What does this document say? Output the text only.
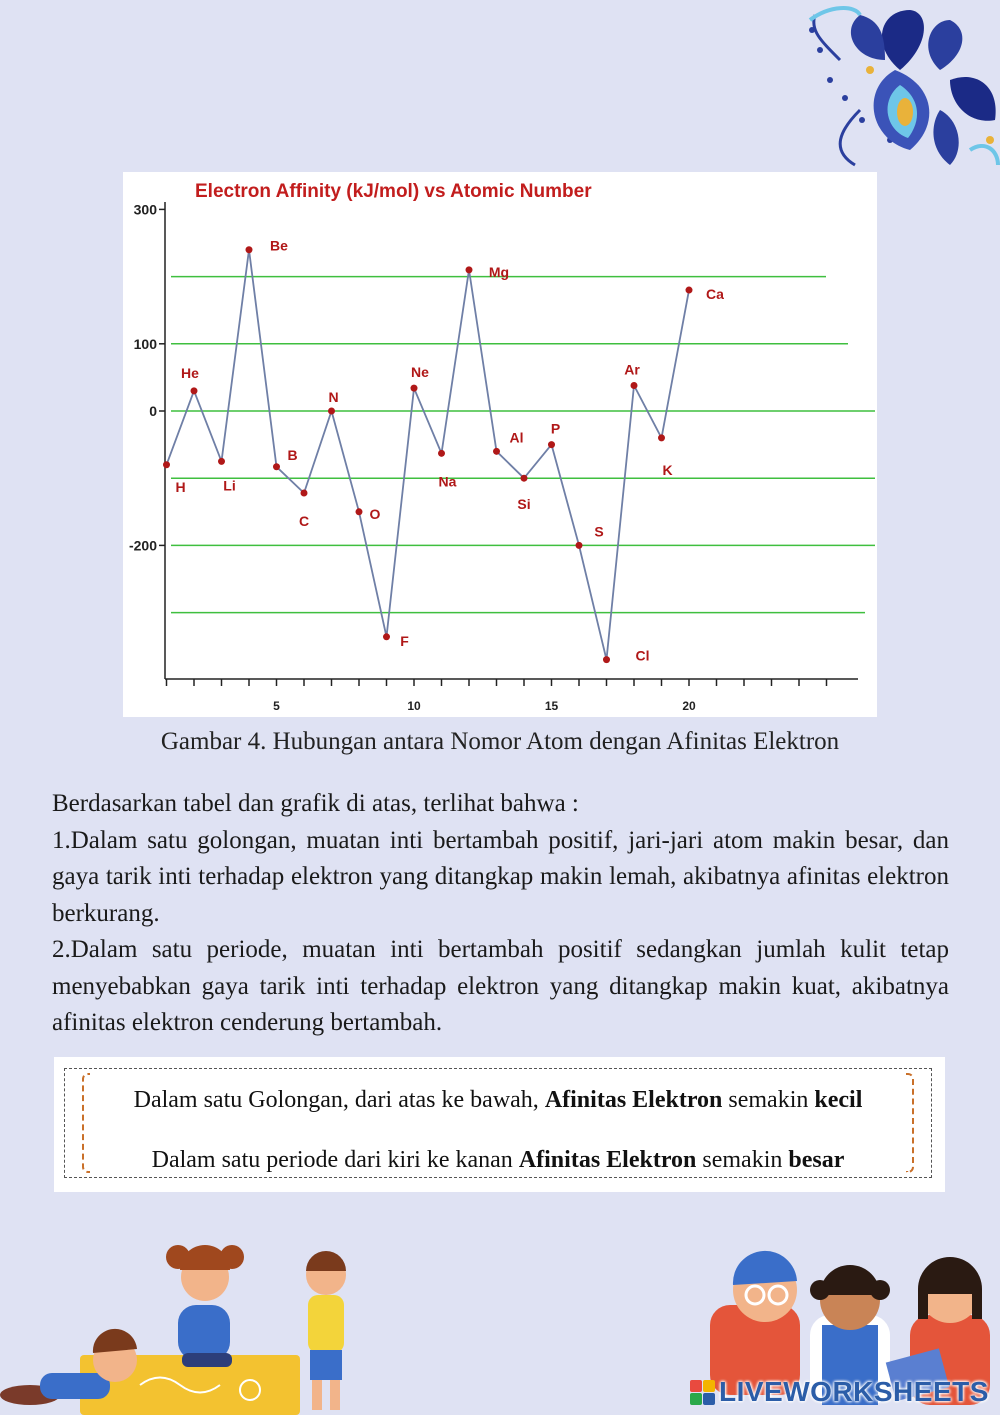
300
100
0
-200
5	10	15	20
Electron Affinity (kJ/mol) vs Atomic Number
H
He
Li
Be
B
C
N
O
F
Ne
Na
Mg
Al
Si
P
S
Cl
Ar
K
Ca
Gambar 4. Hubungan antara Nomor Atom dengan Afinitas Elektron

Berdasarkan tabel dan grafik di atas, terlihat bahwa :

1.Dalam satu golongan, muatan inti bertambah positif, jari-jari atom makin besar, dan gaya tarik inti terhadap elektron yang ditangkap makin lemah, akibatnya afinitas elektron berkurang.

2.Dalam satu periode, muatan inti bertambah positif sedangkan jumlah kulit tetap menyebabkan gaya tarik inti terhadap elektron yang ditangkap makin kuat, akibatnya afinitas elektron cenderung bertambah.

Dalam satu Golongan, dari atas ke bawah, Afinitas Elektron semakin kecil
Dalam satu periode dari kiri ke kanan Afinitas Elektron semakin besar
LIVEWORKSHEETS
